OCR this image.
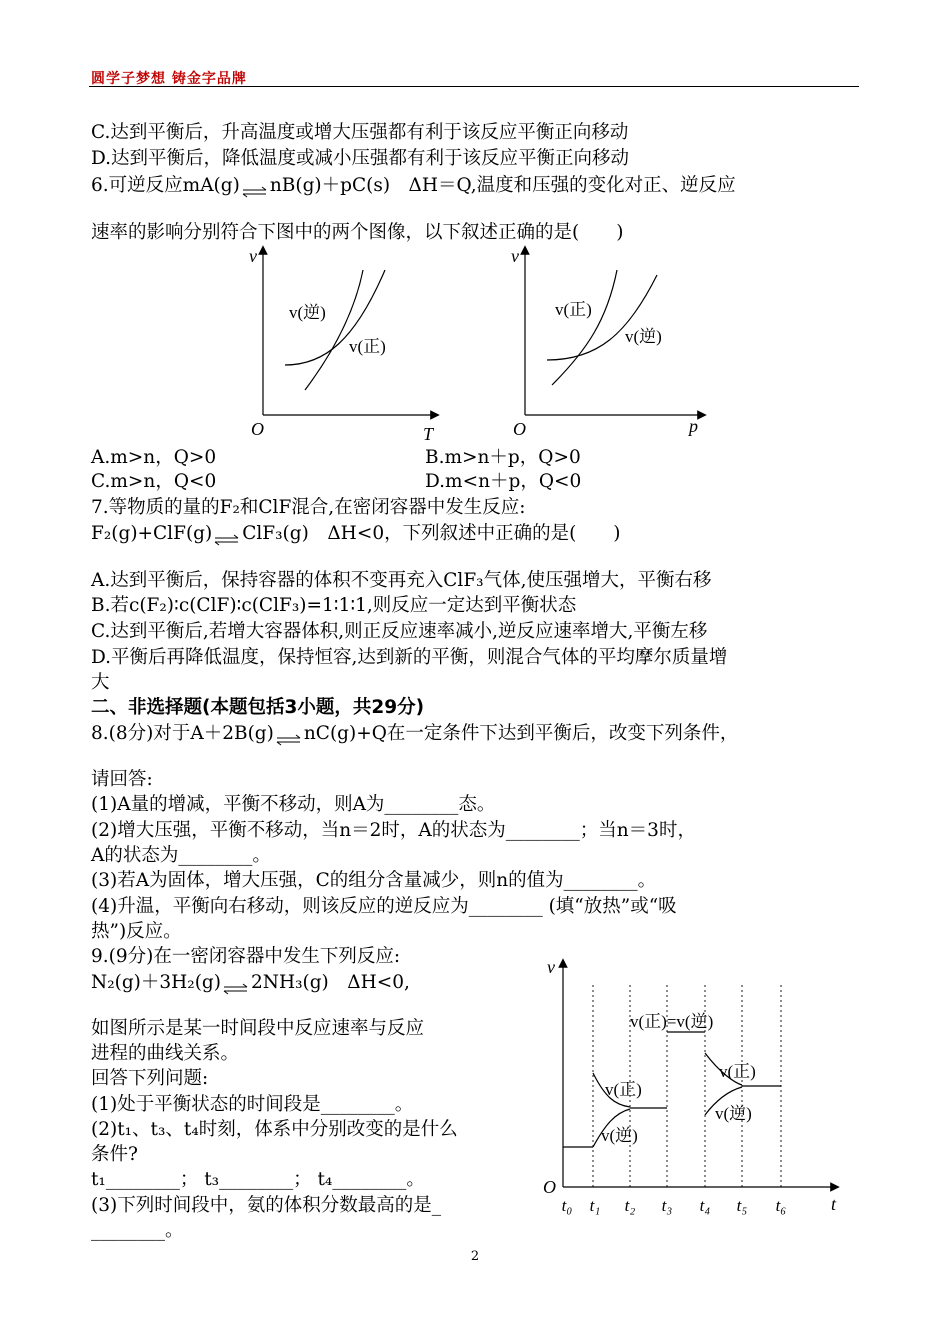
圆学子梦想 铸金字品牌
C.达到平衡后，升高温度或增大压强都有利于该反应平衡正向移动
D.达到平衡后，降低温度或减小压强都有利于该反应平衡正向移动
6.可逆反应mA(g)⇌nB(g)＋pC(s)　ΔH＝Q,温度和压强的变化对正、逆反应
速率的影响分别符合下图中的两个图像，以下叙述正确的是(　　)
v
T
O
v(逆)
v(正)
v
p
O
v(正)
v(逆)
A.m>n，Q>0	B.m>n＋p，Q>0
C.m>n，Q<0	D.m<n＋p，Q<0
7.等物质的量的F₂和ClF混合,在密闭容器中发生反应:
F₂(g)+ClF(g)⇌ClF₃(g)　ΔH<0，下列叙述中正确的是(　　)
A.达到平衡后，保持容器的体积不变再充入ClF₃气体,使压强增大，平衡右移
B.若c(F₂)∶c(ClF)∶c(ClF₃)=1∶1∶1,则反应一定达到平衡状态
C.达到平衡后,若增大容器体积,则正反应速率减小,逆反应速率增大,平衡左移
D.平衡后再降低温度，保持恒容,达到新的平衡，则混合气体的平均摩尔质量增
大
二、非选择题(本题包括3小题，共29分)
8.(8分)对于A＋2B(g)⇌nC(g)+Q在一定条件下达到平衡后，改变下列条件，
请回答:
(1)A量的增减，平衡不移动，则A为________态。
(2)增大压强，平衡不移动，当n＝2时，A的状态为________；当n＝3时，
A的状态为________。
(3)若A为固体，增大压强，C的组分含量减少，则n的值为________。
(4)升温，平衡向右移动，则该反应的逆反应为________ (填“放热”或“吸
热”)反应。
9.(9分)在一密闭容器中发生下列反应:
N₂(g)＋3H₂(g)⇌2NH₃(g)　ΔH<0,
如图所示是某一时间段中反应速率与反应
进程的曲线关系。
回答下列问题:
(1)处于平衡状态的时间段是________。
(2)t₁、t₃、t₄时刻，体系中分别改变的是什么
条件?
t₁________； t₃________； t₄________。
(3)下列时间段中，氨的体积分数最高的是_
________。
v
t
O
v(正)=v(逆)
v(正)
v(逆)
v(正)
v(逆)
t₀ t₁ t₂ t₃ t₄ t₅ t₆
2
